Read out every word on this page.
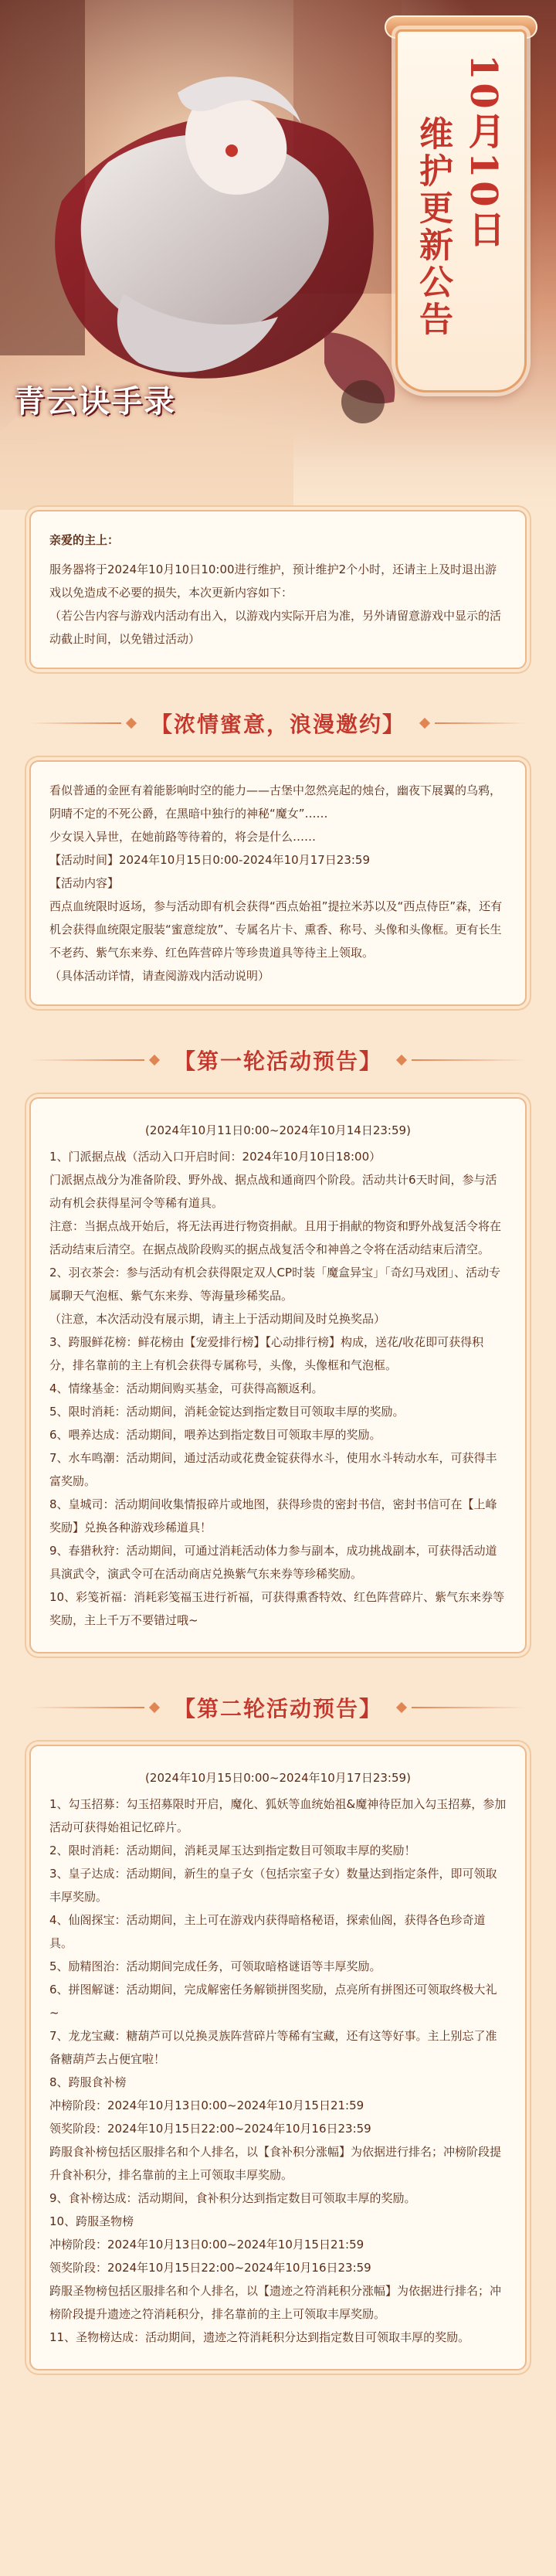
青云诀手录
10月10日
维护更新公告

亲爱的主上：

服务器将于2024年10月10日10:00进行维护，预计维护2个小时，还请主上及时退出游戏以免造成不必要的损失，本次更新内容如下：

（若公告内容与游戏内活动有出入，以游戏内实际开启为准，另外请留意游戏中显示的活动截止时间，以免错过活动）

【浓情蜜意，浪漫邀约】

看似普通的金匣有着能影响时空的能力——古堡中忽然亮起的烛台，幽夜下展翼的乌鸦，阴晴不定的不死公爵，在黑暗中独行的神秘“魔女”……

少女误入异世，在她前路等待着的，将会是什么……

【活动时间】2024年10月15日0:00-2024年10月17日23:59

【活动内容】

西点血统限时返场，参与活动即有机会获得“西点始祖”提拉米苏以及“西点侍臣”森，还有机会获得血统限定服装“蜜意绽放”、专属名片卡、熏香、称号、头像和头像框。更有长生不老药、紫气东来券、红色阵营碎片等珍贵道具等待主上领取。

（具体活动详情，请查阅游戏内活动说明）

【第一轮活动预告】

(2024年10月11日0:00~2024年10月14日23:59)

1、门派据点战（活动入口开启时间：2024年10月10日18:00）

门派据点战分为准备阶段、野外战、据点战和通商四个阶段。活动共计6天时间，参与活动有机会获得星河令等稀有道具。

注意：当据点战开始后，将无法再进行物资捐献。且用于捐献的物资和野外战复活令将在活动结束后清空。在据点战阶段购买的据点战复活令和神兽之令将在活动结束后清空。

2、羽衣茶会：参与活动有机会获得限定双人CP时装「魔盒异宝」「奇幻马戏团」、活动专属聊天气泡框、紫气东来券、等海量珍稀奖品。

（注意，本次活动没有展示期，请主上于活动期间及时兑换奖品）

3、跨服鲜花榜：鲜花榜由【宠爱排行榜】【心动排行榜】构成，送花/收花即可获得积分，排名靠前的主上有机会获得专属称号，头像，头像框和气泡框。

4、情缘基金：活动期间购买基金，可获得高额返利。

5、限时消耗：活动期间，消耗金锭达到指定数目可领取丰厚的奖励。

6、喂养达成：活动期间，喂养达到指定数目可领取丰厚的奖励。

7、水车鸣潮：活动期间，通过活动或花费金锭获得水斗，使用水斗转动水车，可获得丰富奖励。

8、皇城司：活动期间收集情报碎片或地图，获得珍贵的密封书信，密封书信可在【上峰奖励】兑换各种游戏珍稀道具！

9、春猎秋狩：活动期间，可通过消耗活动体力参与副本，成功挑战副本，可获得活动道具演武令，演武令可在活动商店兑换紫气东来券等珍稀奖励。

10、彩笺祈福：消耗彩笺福玉进行祈福，可获得熏香特效、红色阵营碎片、紫气东来券等奖励，主上千万不要错过哦~

【第二轮活动预告】

(2024年10月15日0:00~2024年10月17日23:59)

1、勾玉招募：勾玉招募限时开启，魔化、狐妖等血统始祖&魔神待臣加入勾玉招募，参加活动可获得始祖记忆碎片。

2、限时消耗：活动期间，消耗灵犀玉达到指定数目可领取丰厚的奖励！

3、皇子达成：活动期间，新生的皇子女（包括宗室子女）数量达到指定条件，即可领取丰厚奖励。

4、仙阁探宝：活动期间，主上可在游戏内获得暗格秘语，探索仙阁，获得各色珍奇道具。

5、励精图治：活动期间完成任务，可领取暗格谜语等丰厚奖励。

6、拼图解谜：活动期间，完成解密任务解锁拼图奖励，点亮所有拼图还可领取终极大礼~

7、龙龙宝藏：糖葫芦可以兑换灵族阵营碎片等稀有宝藏，还有这等好事。主上别忘了准备糖葫芦去占便宜啦！

8、跨服食补榜

冲榜阶段：2024年10月13日0:00~2024年10月15日21:59

领奖阶段：2024年10月15日22:00~2024年10月16日23:59

跨服食补榜包括区服排名和个人排名，以【食补积分涨幅】为依据进行排名；冲榜阶段提升食补积分，排名靠前的主上可领取丰厚奖励。

9、食补榜达成：活动期间，食补积分达到指定数目可领取丰厚的奖励。

10、跨服圣物榜

冲榜阶段：2024年10月13日0:00~2024年10月15日21:59

领奖阶段：2024年10月15日22:00~2024年10月16日23:59

跨服圣物榜包括区服排名和个人排名，以【遗迹之符消耗积分涨幅】为依据进行排名；冲榜阶段提升遗迹之符消耗积分，排名靠前的主上可领取丰厚奖励。

11、圣物榜达成：活动期间，遗迹之符消耗积分达到指定数目可领取丰厚的奖励。
